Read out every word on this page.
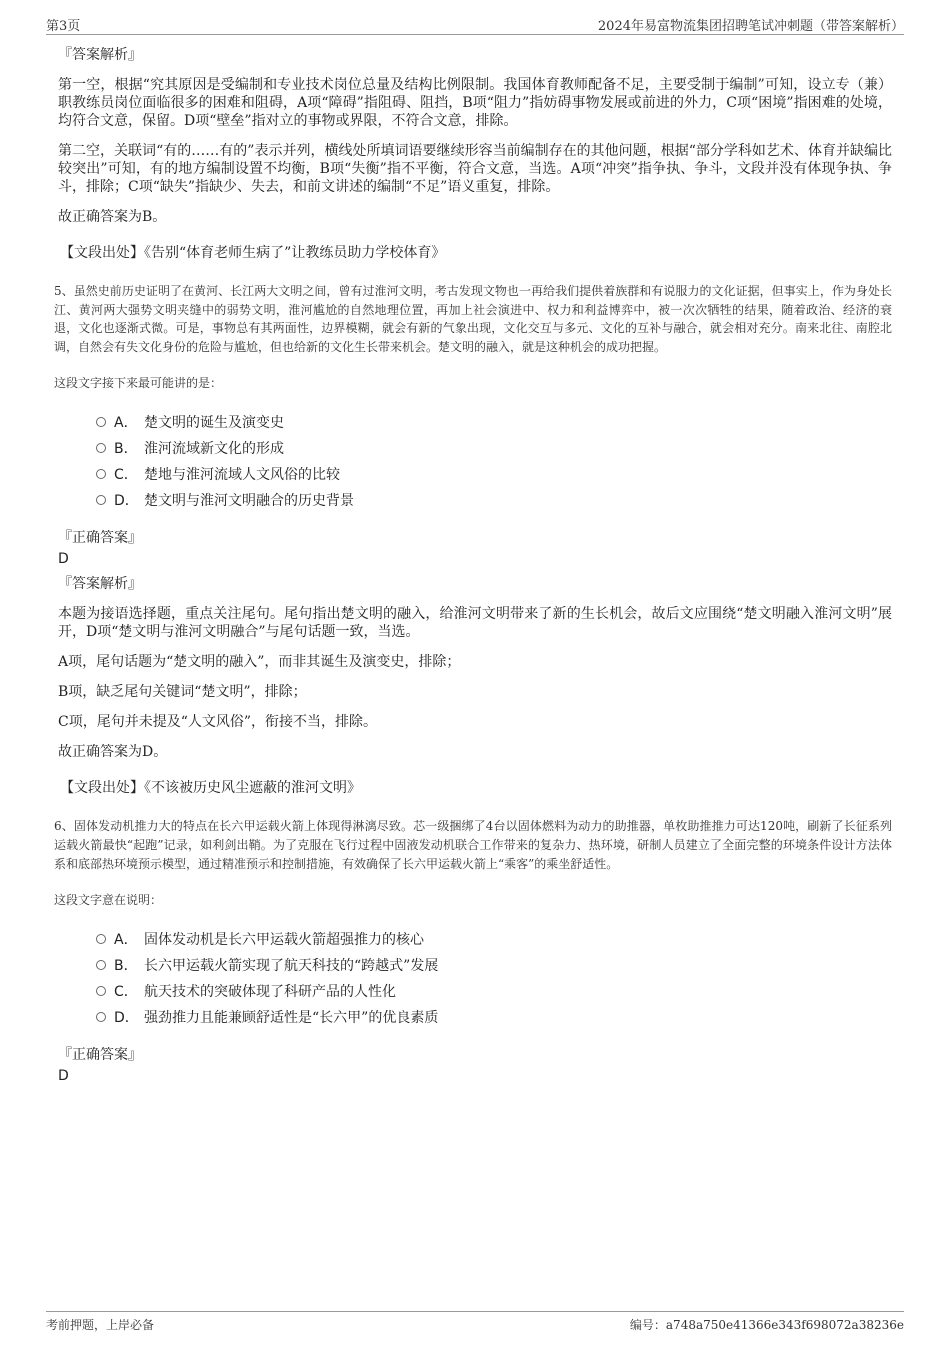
第3页	2024年易富物流集团招聘笔试冲刺题（带答案解析）
『答案解析』
第一空，根据“究其原因是受编制和专业技术岗位总量及结构比例限制。我国体育教师配备不足，主要受制于编制”可知，设立专（兼）职教练员岗位面临很多的困难和阻碍，A项“障碍”指阻碍、阻挡，B项“阻力”指妨碍事物发展或前进的外力，C项“困境”指困难的处境，均符合文意，保留。D项“壁垒”指对立的事物或界限，不符合文意，排除。
第二空，关联词“有的……有的”表示并列，横线处所填词语要继续形容当前编制存在的其他问题，根据“部分学科如艺术、体育并缺编比较突出”可知，有的地方编制设置不均衡，B项“失衡”指不平衡，符合文意，当选。A项“冲突”指争执、争斗，文段并没有体现争执、争斗，排除；C项“缺失”指缺少、失去，和前文讲述的编制“不足”语义重复，排除。
故正确答案为B。
【文段出处】《告别“体育老师生病了”让教练员助力学校体育》
5、虽然史前历史证明了在黄河、长江两大文明之间，曾有过淮河文明，考古发现文物也一再给我们提供着族群和有说服力的文化证据，但事实上，作为身处长江、黄河两大强势文明夹缝中的弱势文明，淮河尴尬的自然地理位置，再加上社会演进中、权力和利益博弈中，被一次次牺牲的结果，随着政治、经济的衰退，文化也逐渐式微。可是，事物总有其两面性，边界模糊，就会有新的气象出现，文化交互与多元、文化的互补与融合，就会相对充分。南来北往、南腔北调，自然会有失文化身份的危险与尴尬，但也给新的文化生长带来机会。楚文明的融入，就是这种机会的成功把握。
这段文字接下来最可能讲的是：
A． 楚文明的诞生及演变史
B． 淮河流域新文化的形成
C． 楚地与淮河流域人文风俗的比较
D． 楚文明与淮河文明融合的历史背景
『正确答案』
D
『答案解析』
本题为接语选择题，重点关注尾句。尾句指出楚文明的融入，给淮河文明带来了新的生长机会，故后文应围绕“楚文明融入淮河文明”展开，D项“楚文明与淮河文明融合”与尾句话题一致，当选。
A项，尾句话题为“楚文明的融入”，而非其诞生及演变史，排除；
B项，缺乏尾句关键词“楚文明”，排除；
C项，尾句并未提及“人文风俗”，衔接不当，排除。
故正确答案为D。
【文段出处】《不该被历史风尘遮蔽的淮河文明》
6、固体发动机推力大的特点在长六甲运载火箭上体现得淋漓尽致。芯一级捆绑了4台以固体燃料为动力的助推器，单枚助推推力可达120吨，刷新了长征系列运载火箭最快“起跑”记录，如利剑出鞘。为了克服在飞行过程中固液发动机联合工作带来的复杂力、热环境，研制人员建立了全面完整的环境条件设计方法体系和底部热环境预示模型，通过精准预示和控制措施，有效确保了长六甲运载火箭上“乘客”的乘坐舒适性。
这段文字意在说明：
A． 固体发动机是长六甲运载火箭超强推力的核心
B． 长六甲运载火箭实现了航天科技的“跨越式”发展
C． 航天技术的突破体现了科研产品的人性化
D． 强劲推力且能兼顾舒适性是“长六甲”的优良素质
『正确答案』
D
考前押题，上岸必备	编号：a748a750e41366e343f698072a38236e
